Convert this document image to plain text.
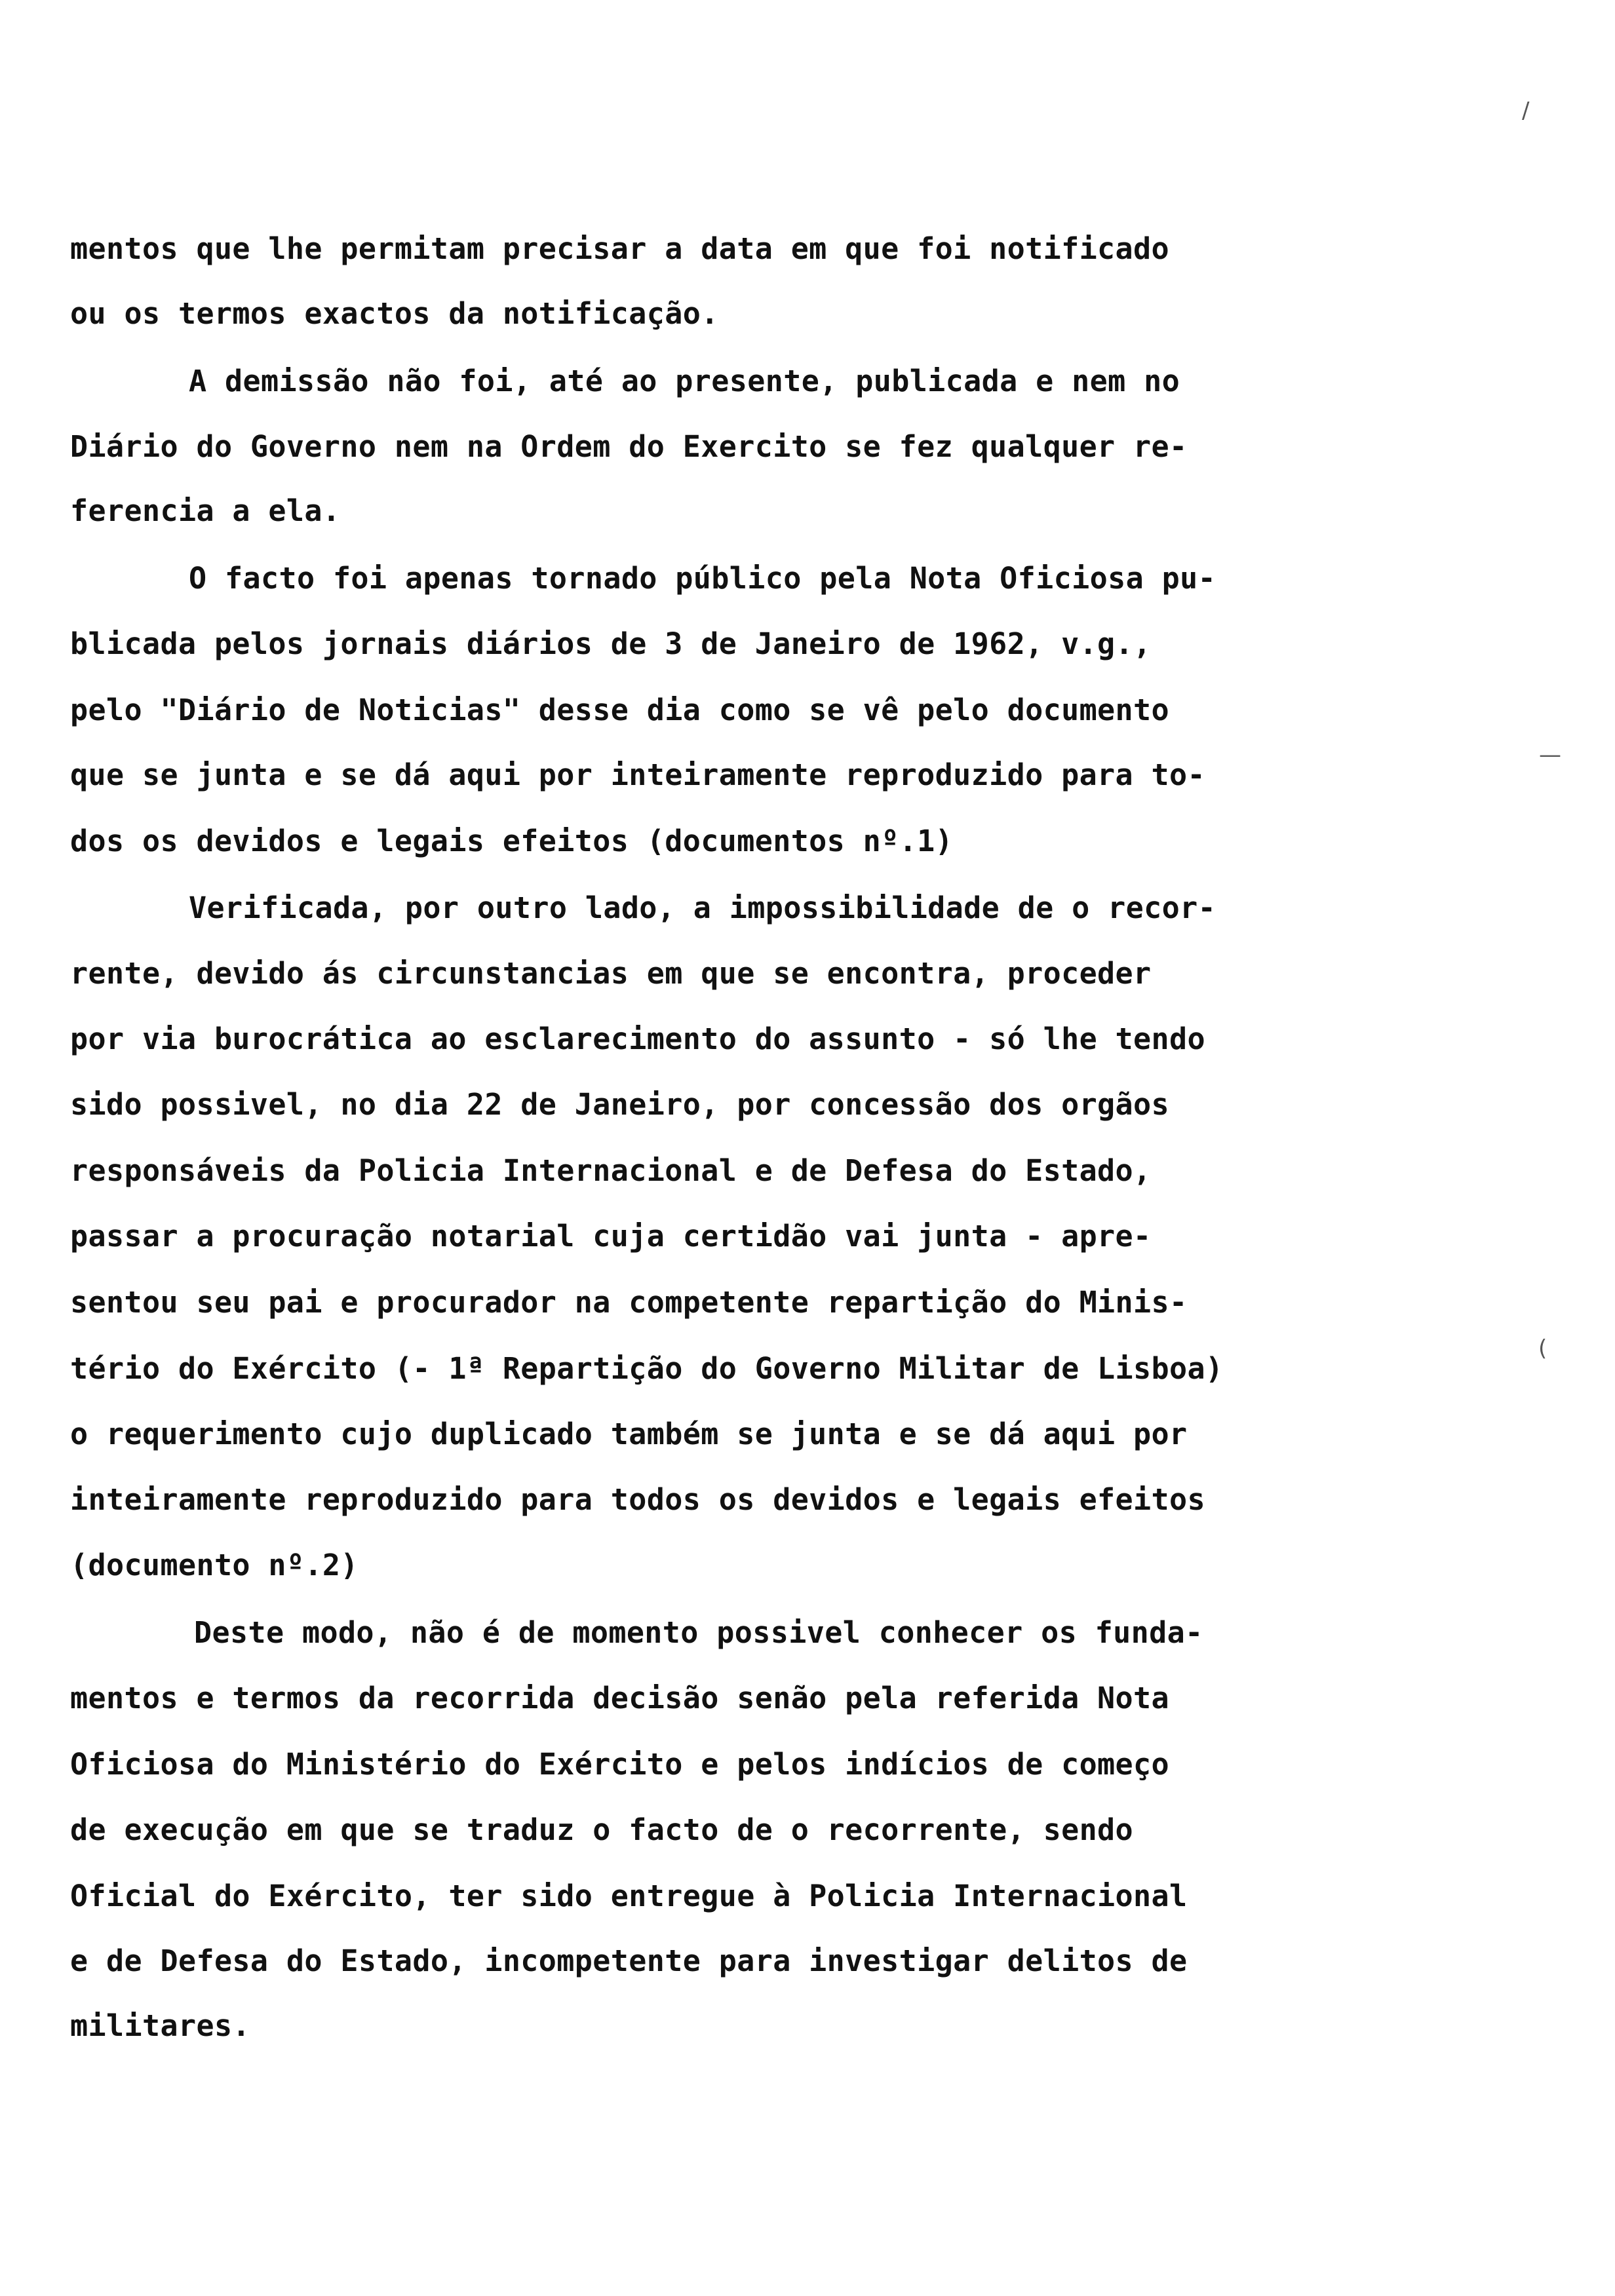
mentos que lhe permitam precisar a data em que foi notificado
ou os termos exactos da notificação.
A demissão não foi, até ao presente, publicada e nem no
Diário do Governo nem na Ordem do Exercito se fez qualquer re-
ferencia a ela.
O facto foi apenas tornado público pela Nota Oficiosa pu-
blicada pelos jornais diários de 3 de Janeiro de 1962, v.g.,
pelo "Diário de Noticias" desse dia como se vê pelo documento
que se junta e se dá aqui por inteiramente reproduzido para to-
dos os devidos e legais efeitos (documentos nº.1)
Verificada, por outro lado, a impossibilidade de o recor-
rente, devido ás circunstancias em que se encontra, proceder
por via burocrática ao esclarecimento do assunto - só lhe tendo
sido possivel, no dia 22 de Janeiro, por concessão dos orgãos
responsáveis da Policia Internacional e de Defesa do Estado,
passar a procuração notarial cuja certidão vai junta - apre-
sentou seu pai e procurador na competente repartição do Minis-
tério do Exército (- 1ª Repartição do Governo Militar de Lisboa)
o requerimento cujo duplicado também se junta e se dá aqui por
inteiramente reproduzido para todos os devidos e legais efeitos
(documento nº.2)
Deste modo, não é de momento possivel conhecer os funda-
mentos e termos da recorrida decisão senão pela referida Nota
Oficiosa do Ministério do Exército e pelos indícios de começo
de execução em que se traduz o facto de o recorrente, sendo
Oficial do Exército, ter sido entregue à Policia Internacional
e de Defesa do Estado, incompetente para investigar delitos de
militares.
/
—
(
